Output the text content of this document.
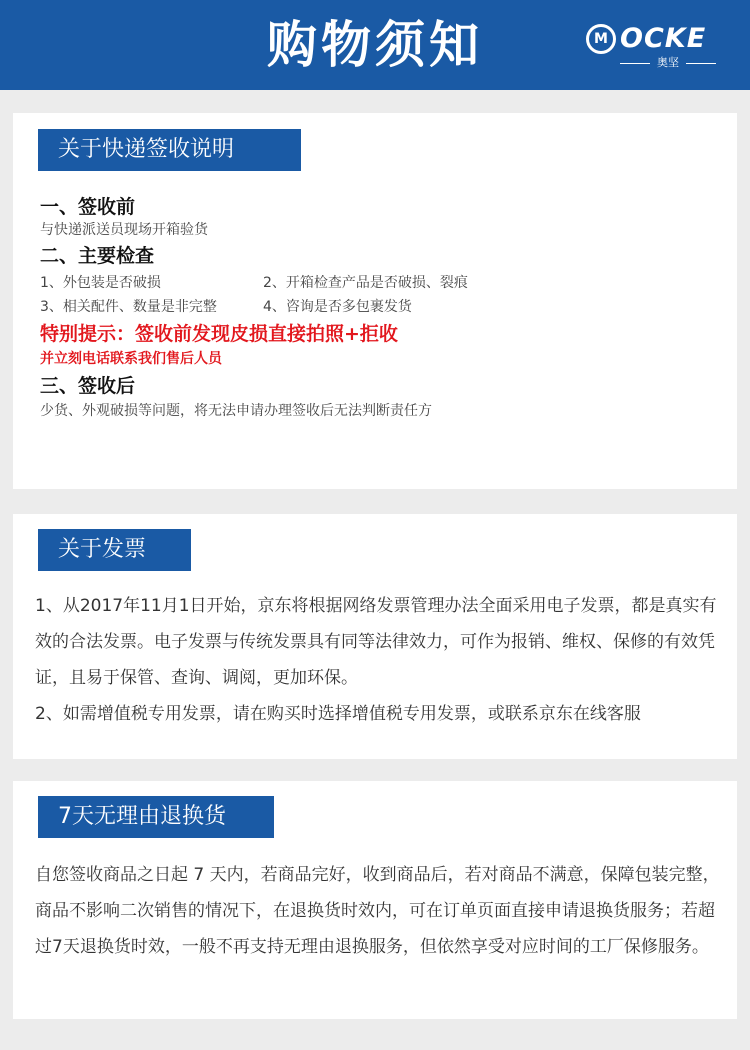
购物须知	M OCKE
奥坚
关于快递签收说明
一、签收前
与快递派送员现场开箱验货
二、主要检查
1、外包装是否破损	2、开箱检查产品是否破损、裂痕
3、相关配件、数量是非完整	4、咨询是否多包裹发货
特别提示：签收前发现皮损直接拍照+拒收
并立刻电话联系我们售后人员
三、签收后
少货、外观破损等问题，将无法申请办理签收后无法判断责任方
关于发票

1、从2017年11月1日开始，京东将根据网络发票管理办法全面采用电子发票，都是真实有效的合法发票。电子发票与传统发票具有同等法律效力，可作为报销、维权、保修的有效凭证，且易于保管、查询、调阅，更加环保。

2、如需增值税专用发票，请在购买时选择增值税专用发票，或联系京东在线客服

7天无理由退换货

自您签收商品之日起 7 天内，若商品完好，收到商品后，若对商品不满意，保障包装完整，商品不影响二次销售的情况下，在退换货时效内，可在订单页面直接申请退换货服务；若超过7天退换货时效，一般不再支持无理由退换服务，但依然享受对应时间的工厂保修服务。
